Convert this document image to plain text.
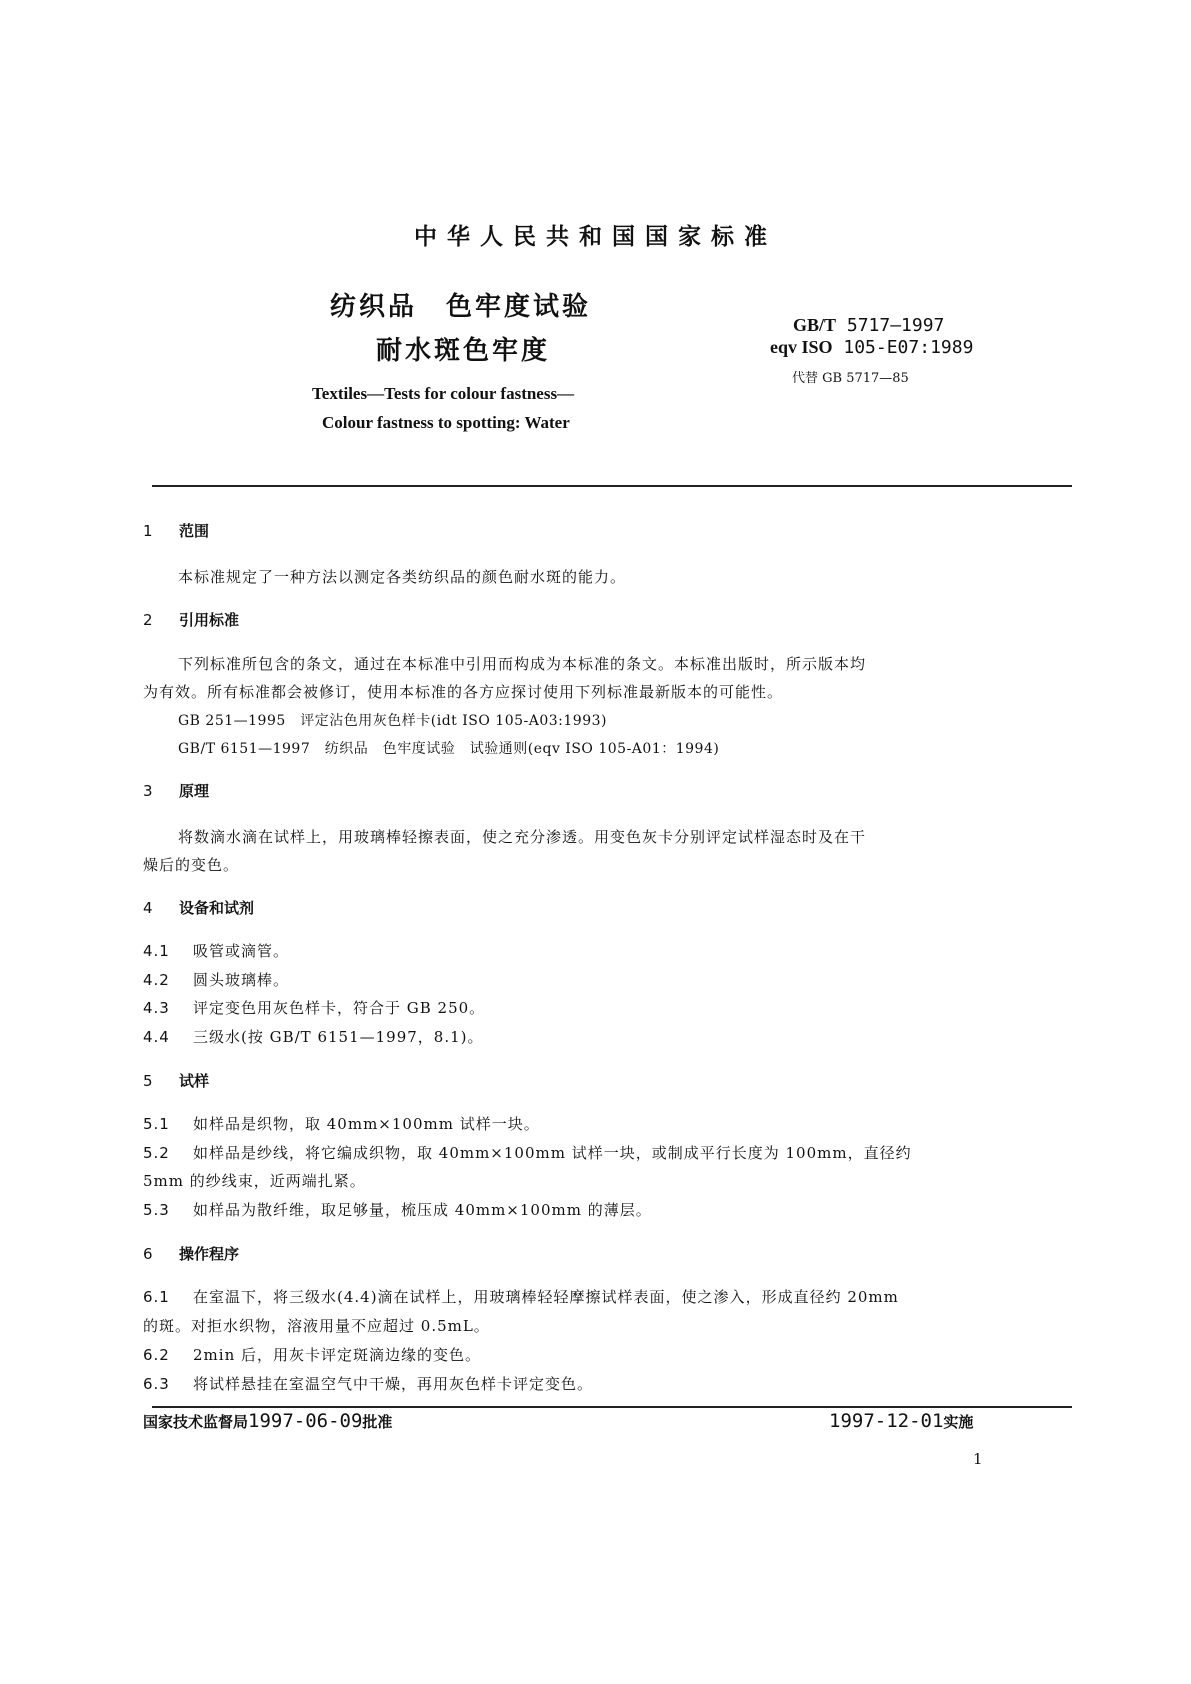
中华人民共和国国家标准
纺织品　色牢度试验
耐水斑色牢度
GB/T 5717—1997
eqv ISO 105-E07:1989
代替 GB 5717—85
Textiles—Tests for colour fastness—
Colour fastness to spotting: Water
1 范围
本标准规定了一种方法以测定各类纺织品的颜色耐水斑的能力。
2 引用标准
下列标准所包含的条文，通过在本标准中引用而构成为本标准的条文。本标准出版时，所示版本均
为有效。所有标准都会被修订，使用本标准的各方应探讨使用下列标准最新版本的可能性。
GB 251—1995　评定沾色用灰色样卡(idt ISO 105-A03:1993)
GB/T 6151—1997　纺织品　色牢度试验　试验通则(eqv ISO 105-A01：1994)
3 原理
将数滴水滴在试样上，用玻璃棒轻擦表面，使之充分渗透。用变色灰卡分别评定试样湿态时及在干
燥后的变色。
4 设备和试剂
4.1 吸管或滴管。
4.2 圆头玻璃棒。
4.3 评定变色用灰色样卡，符合于 GB 250。
4.4 三级水(按 GB/T 6151—1997，8.1)。
5 试样
5.1 如样品是织物，取 40mm×100mm 试样一块。
5.2 如样品是纱线，将它编成织物，取 40mm×100mm 试样一块，或制成平行长度为 100mm，直径约
5mm 的纱线束，近两端扎紧。
5.3 如样品为散纤维，取足够量，梳压成 40mm×100mm 的薄层。
6 操作程序
6.1 在室温下，将三级水(4.4)滴在试样上，用玻璃棒轻轻摩擦试样表面，使之渗入，形成直径约 20mm
的斑。对拒水织物，溶液用量不应超过 0.5mL。
6.2 2min 后，用灰卡评定斑滴边缘的变色。
6.3 将试样悬挂在室温空气中干燥，再用灰色样卡评定变色。
国家技术监督局1997-06-09批准	1997-12-01实施
1
